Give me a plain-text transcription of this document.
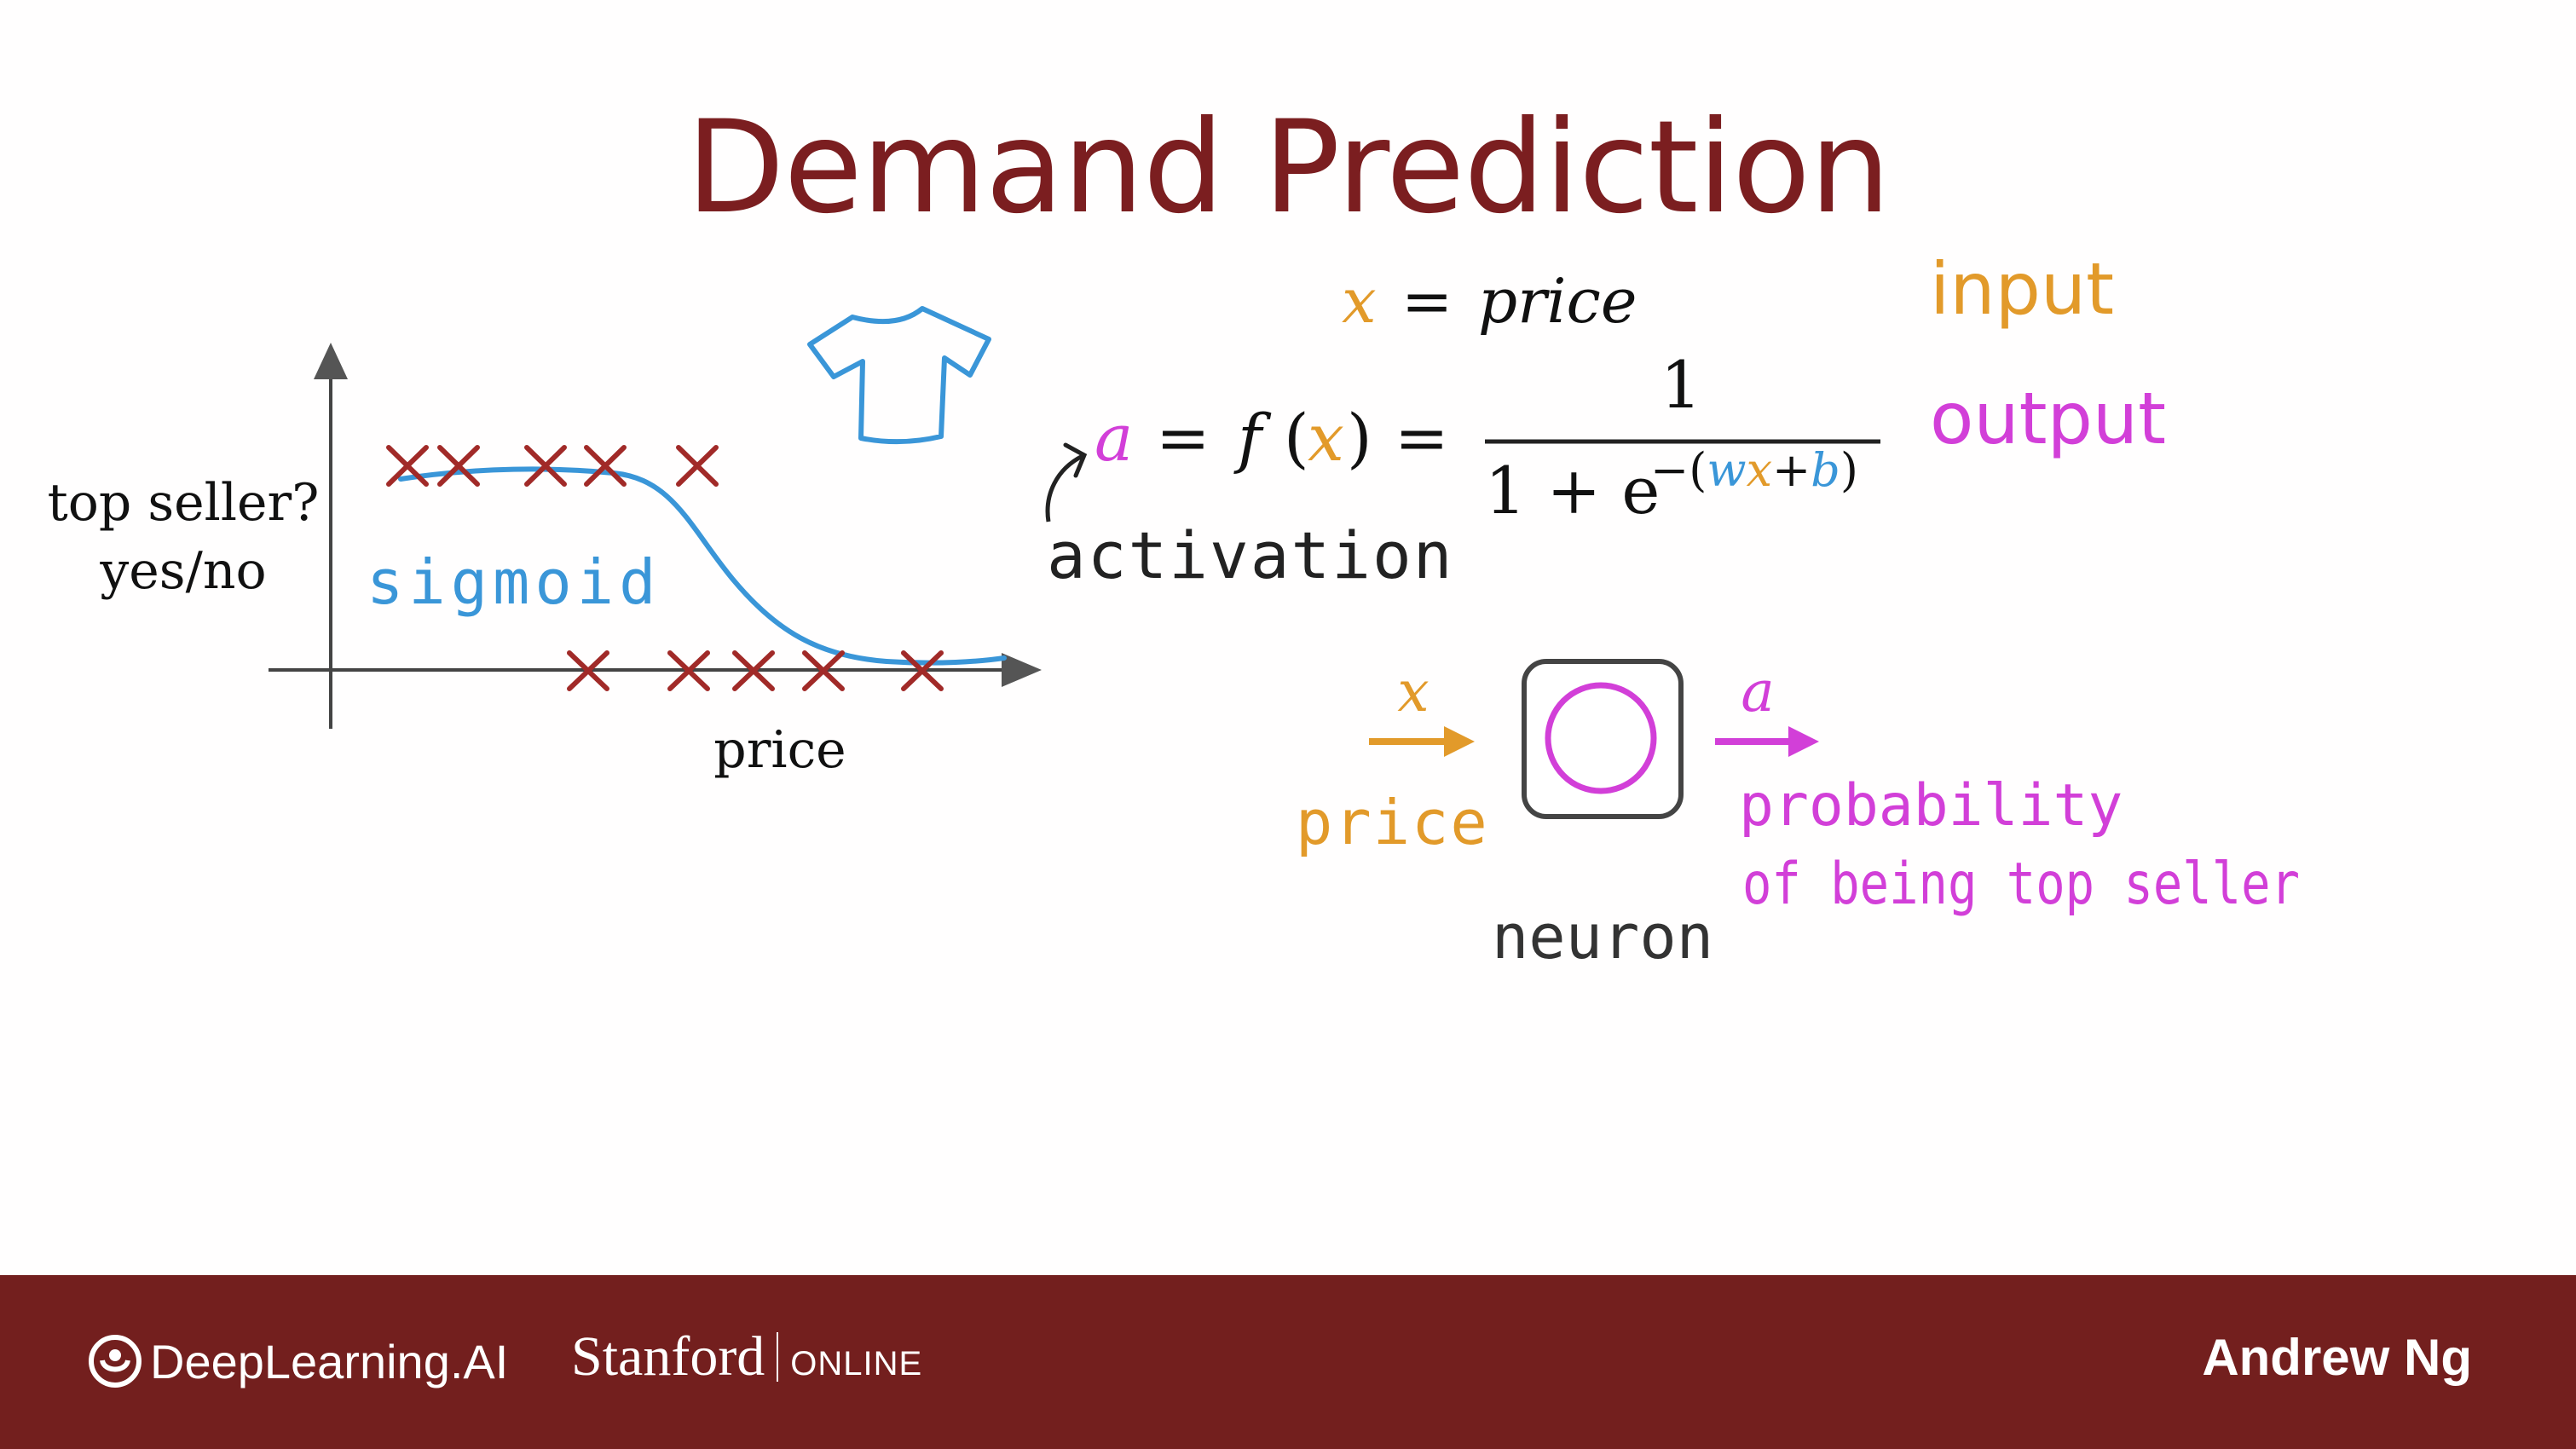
Demand Prediction
top seller?
yes/no
price
sigmoid
x = price	input
a = f (
x ) =
1
1 + e
−(wx+b)
output
activation
x
price
a
probability
of being top seller
neuron
DeepLearning.AI Stanford ONLINE	Andrew Ng
